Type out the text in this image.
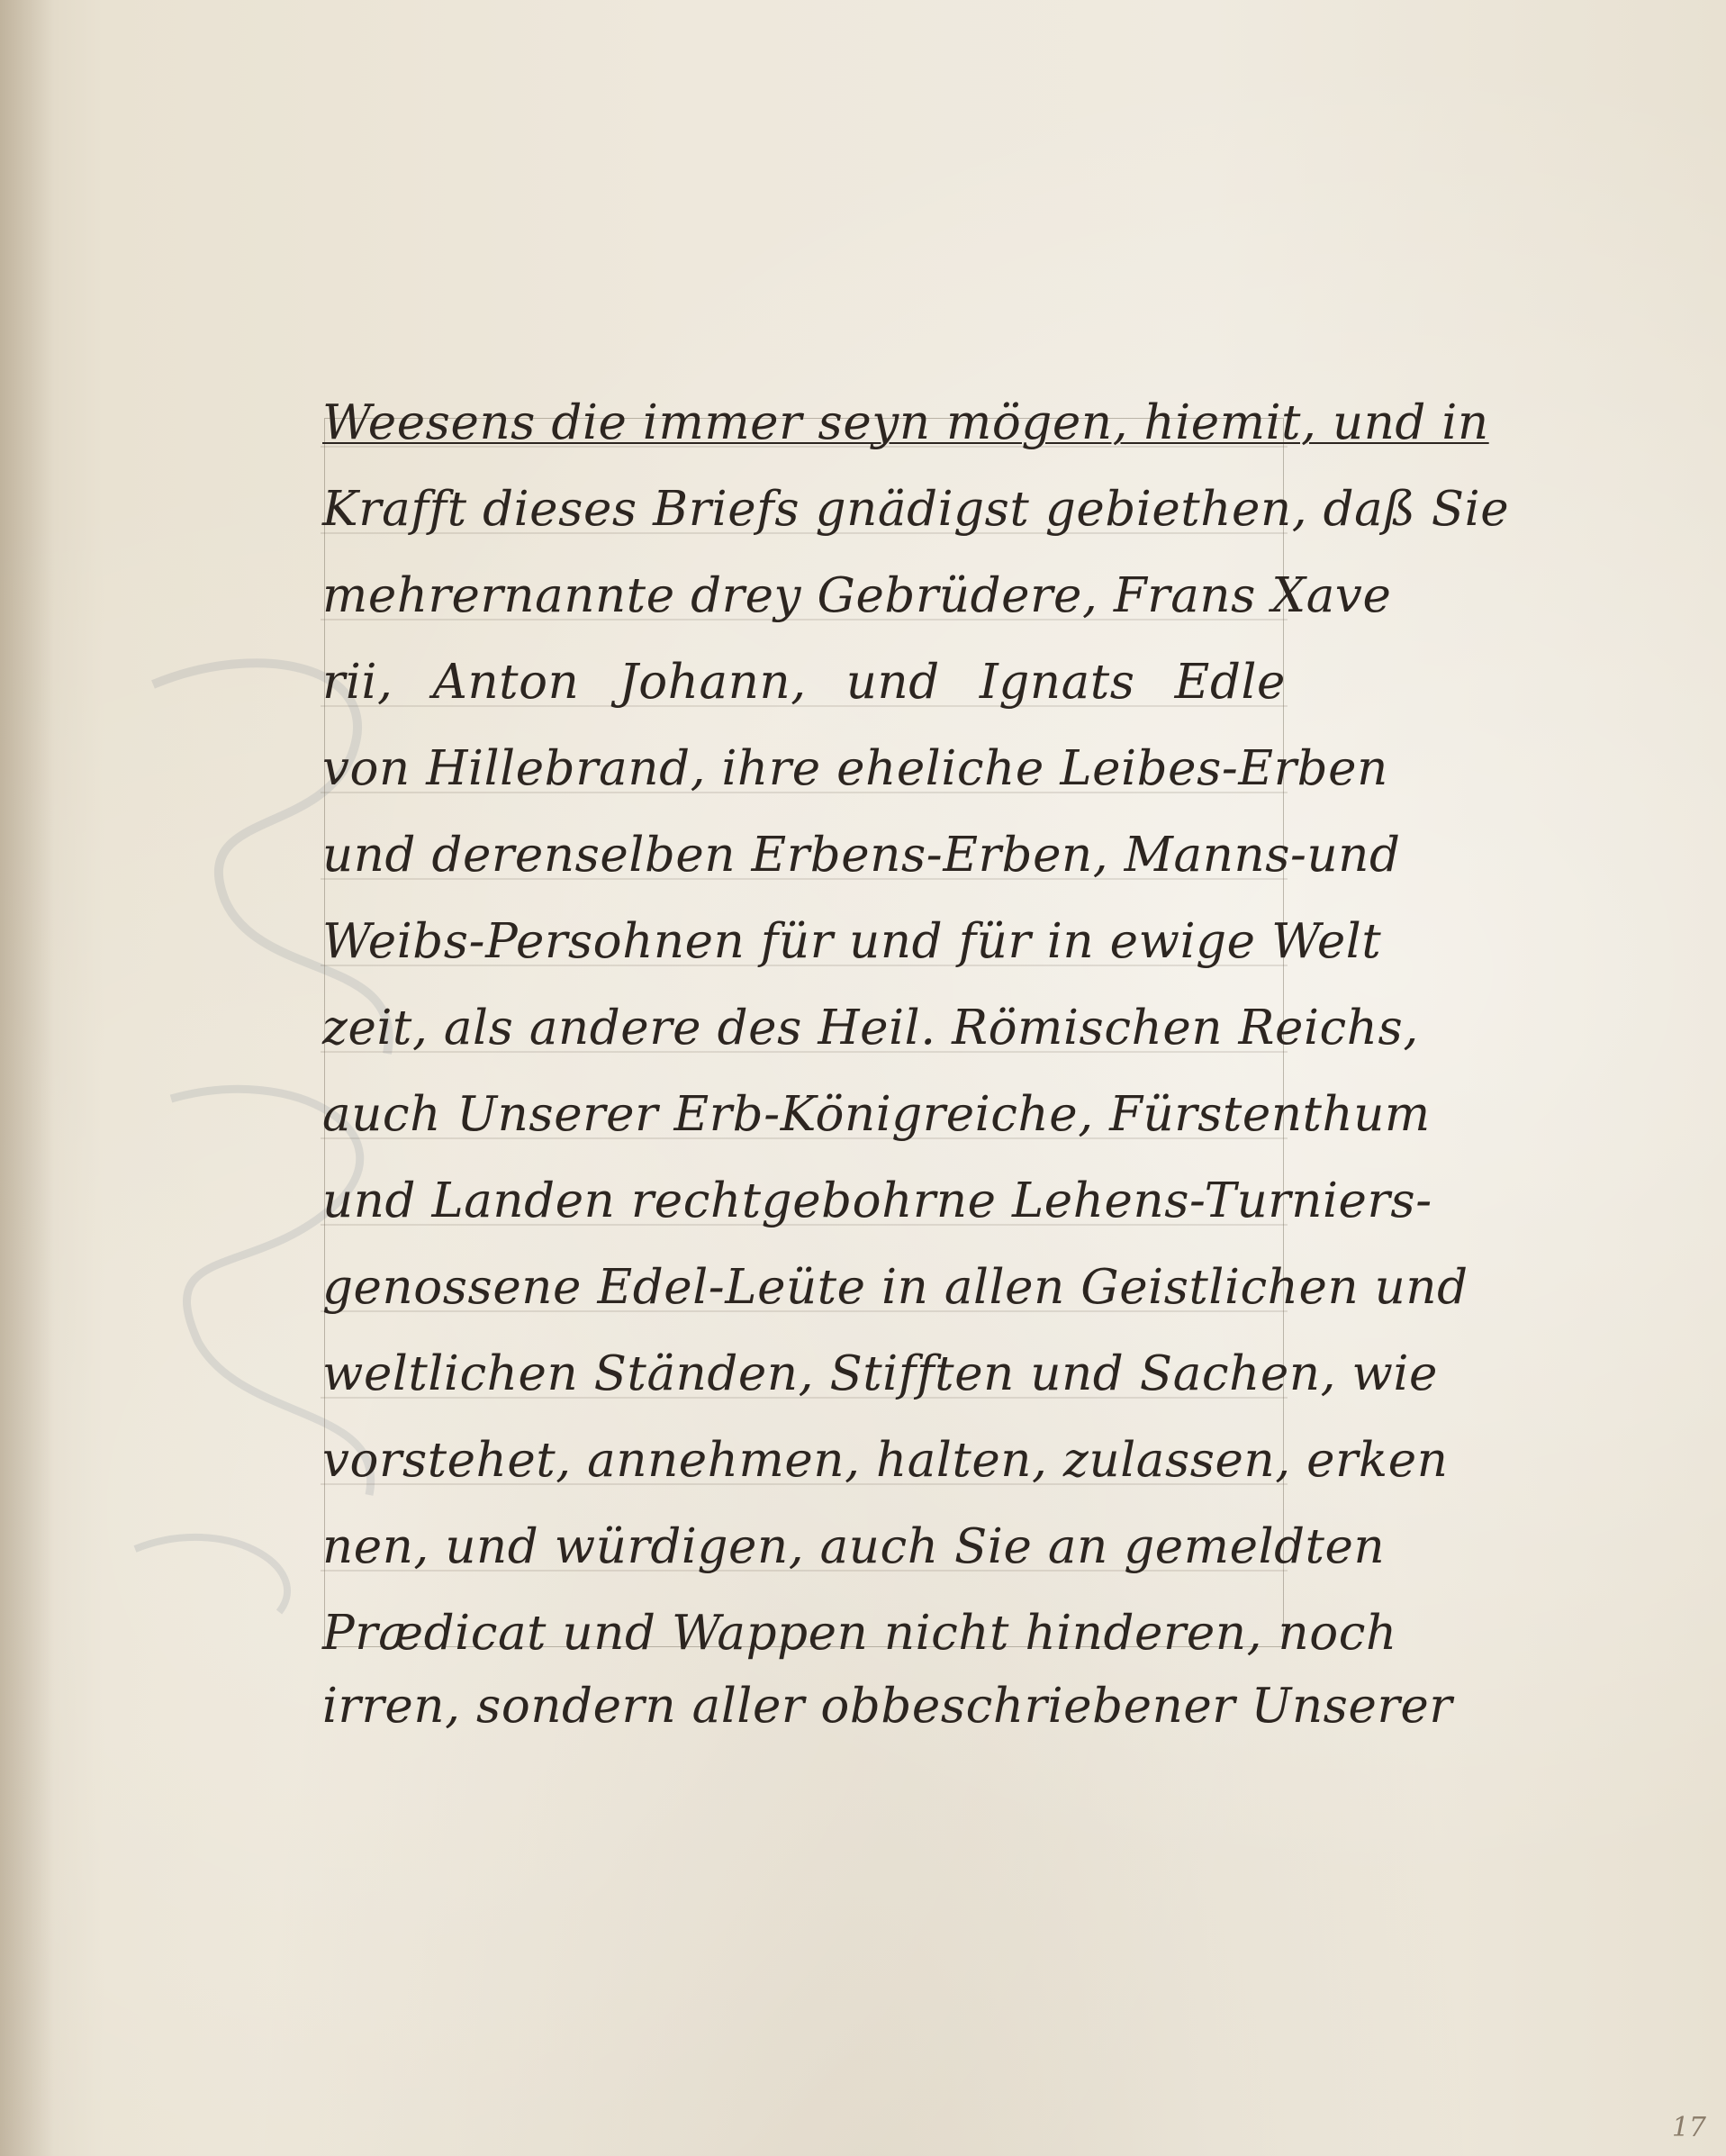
Weesens die immer seyn mögen, hiemit, und in
Krafft dieses Briefs gnädigst gebiethen, daß Sie
mehrernannte drey Gebrüdere, Frans Xave
rii, Anton Johann, und Ignats Edle
von Hillebrand, ihre eheliche Leibes-Erben
und derenselben Erbens-Erben, Manns-und
Weibs-Persohnen für und für in ewige Welt
zeit, als andere des Heil. Römischen Reichs,
auch Unserer Erb-Königreiche, Fürstenthum
und Landen rechtgebohrne Lehens-Turniers-
genossene Edel-Leüte in allen Geistlichen und
weltlichen Ständen, Stifften und Sachen, wie
vorstehet, annehmen, halten, zulassen, erken
nen, und würdigen, auch Sie an gemeldten
Prædicat und Wappen nicht hinderen, noch
irren, sondern aller obbeschriebener Unserer
17
